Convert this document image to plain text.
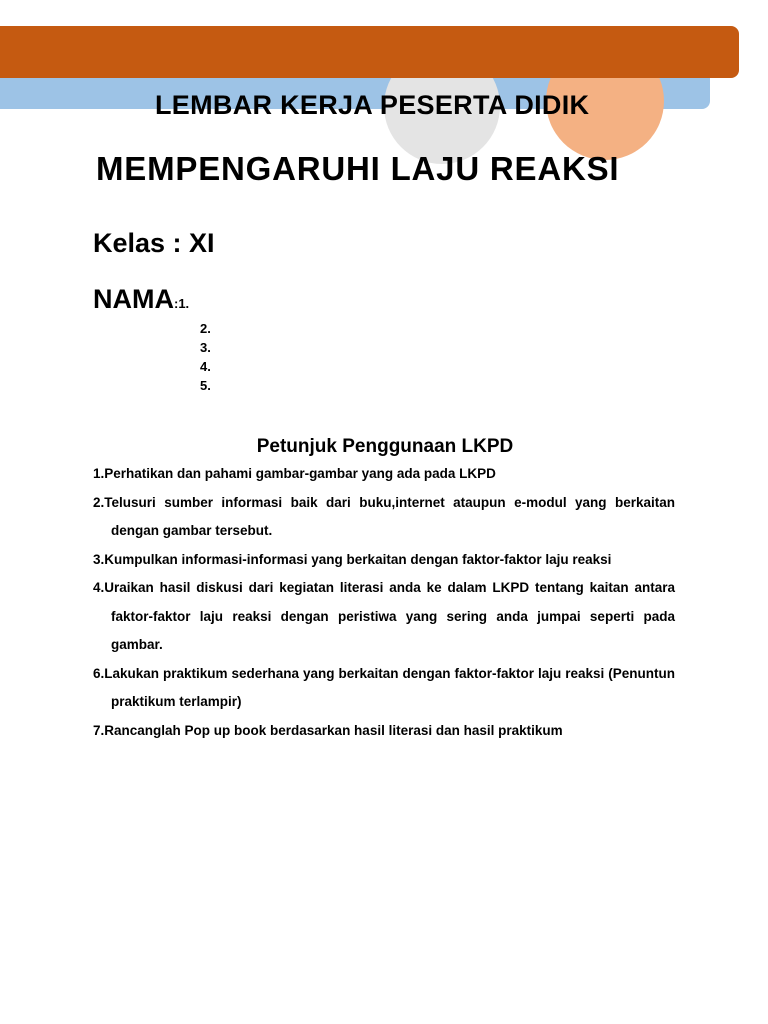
LEMBAR KERJA PESERTA DIDIK
MEMPENGARUHI LAJU REAKSI
Kelas : XI
NAMA:1.
2.
3.
4.
5.
Petunjuk Penggunaan LKPD

1.Perhatikan dan pahami gambar-gambar yang ada pada LKPD

2.Telusuri sumber informasi baik dari buku,internet ataupun e-modul yang berkaitan dengan gambar tersebut.

3.Kumpulkan informasi-informasi yang berkaitan dengan faktor-faktor laju reaksi

4.Uraikan hasil diskusi dari kegiatan literasi anda ke dalam LKPD tentang kaitan antara faktor-faktor laju reaksi dengan peristiwa yang sering anda jumpai seperti pada gambar.

6.Lakukan praktikum sederhana yang berkaitan dengan faktor-faktor laju reaksi (Penuntun praktikum terlampir)

7.Rancanglah Pop up book berdasarkan hasil literasi dan hasil praktikum
